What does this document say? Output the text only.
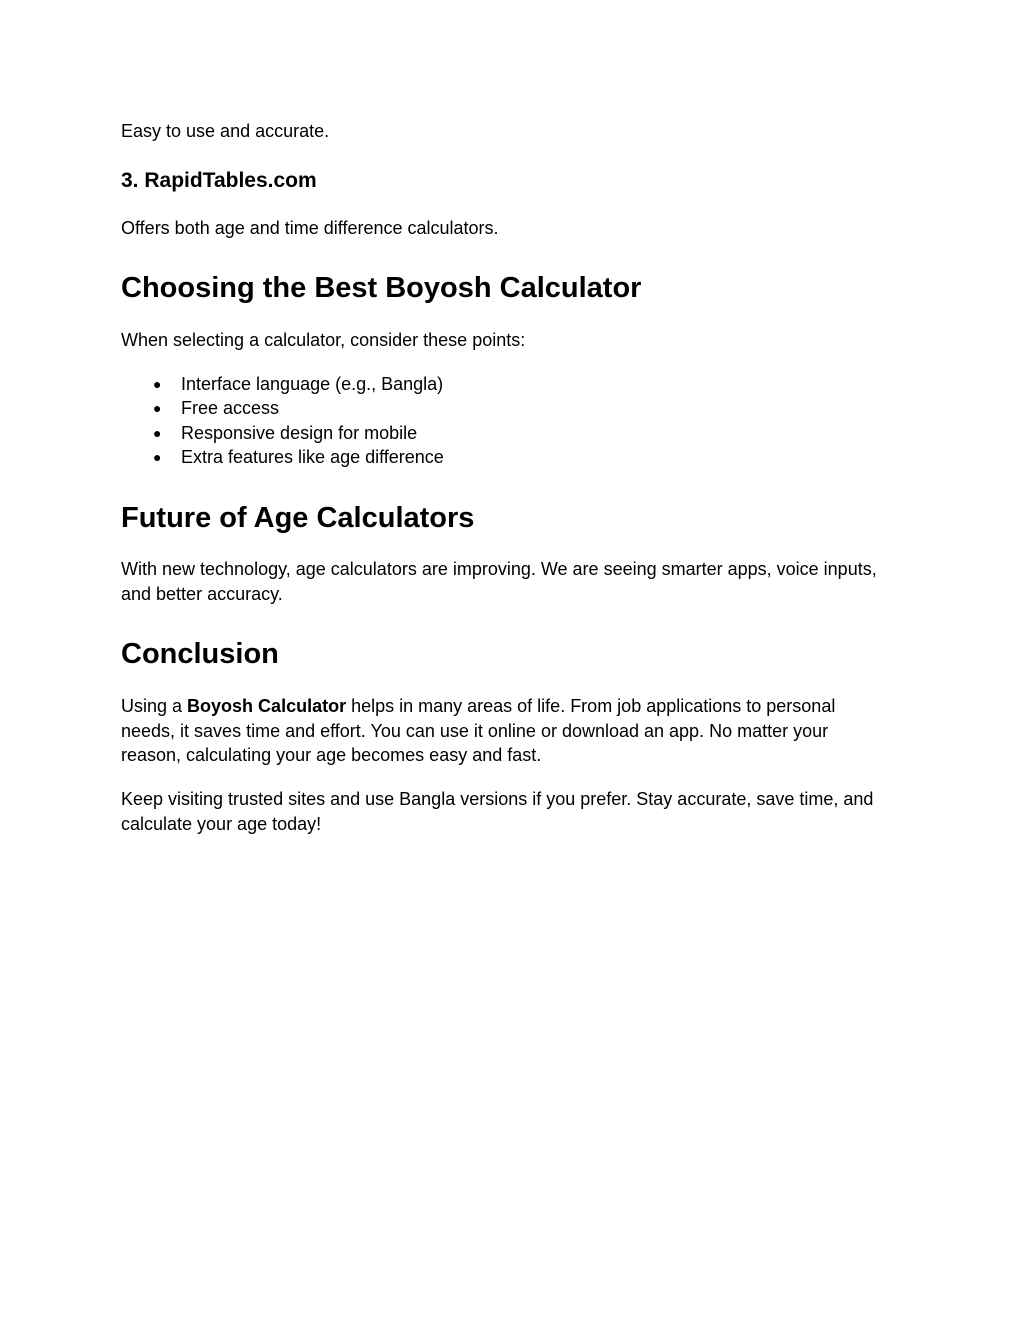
Easy to use and accurate.

3. RapidTables.com

Offers both age and time difference calculators.

Choosing the Best Boyosh Calculator

When selecting a calculator, consider these points:

● Interface language (e.g., Bangla)
● Free access
● Responsive design for mobile
● Extra features like age difference
Future of Age Calculators

With new technology, age calculators are improving. We are seeing smarter apps, voice inputs, and better accuracy.

Conclusion

Using a Boyosh Calculator helps in many areas of life. From job applications to personal needs, it saves time and effort. You can use it online or download an app. No matter your reason, calculating your age becomes easy and fast.

Keep visiting trusted sites and use Bangla versions if you prefer. Stay accurate, save time, and calculate your age today!
